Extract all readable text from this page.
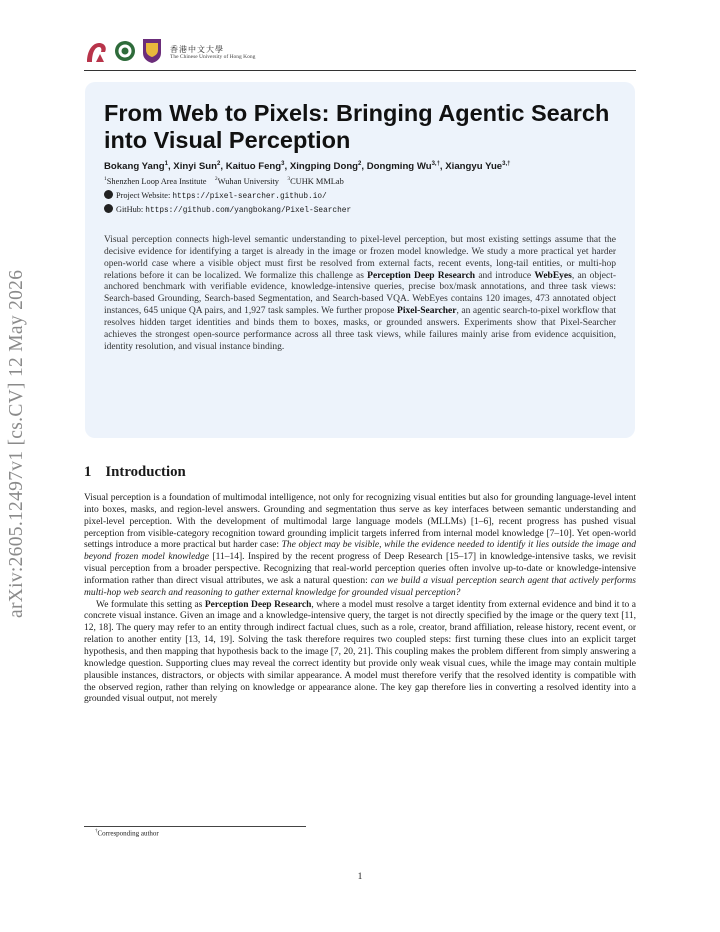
arXiv:2605.12497v1 [cs.CV] 12 May 2026
香港中文大學
The Chinese University of Hong Kong
From Web to Pixels: Bringing Agentic Search into Visual Perception
Bokang Yang$^1$, Xinyi Sun$^2$, Kaituo Feng$^3$, Xingping Dong$^2$, Dongming $Wu^{3,\dagger}$, Xiangyu Yue$^{3,\dagger}$
$^1$Shenzhen Loop Area Institute $^2$Wuhan University $^3$CUHK MMLab
Project Website: https://pixel-searcher.github.io/
GitHub: https://github.com/yangbokang/Pixel-Searcher

Visual perception connects high-level semantic understanding to pixel-level perception, but most existing settings assume that the decisive evidence for identifying a target is already in the image or frozen model knowledge. We study a more practical yet harder open-world case where a visible object must first be resolved from external facts, recent events, long-tail entities, or multi-hop relations before it can be localized. We formalize this challenge as Perception Deep Research and introduce WebEyes, an object-anchored benchmark with verifiable evidence, knowledge-intensive queries, precise box/mask annotations, and three task views: Search-based Grounding, Search-based Segmentation, and Search-based VQA. WebEyes contains 120 images, 473 annotated object instances, 645 unique QA pairs, and 1,927 task samples. We further propose Pixel-Searcher, an agentic search-to-pixel workflow that resolves hidden target identities and binds them to boxes, masks, or grounded answers. Experiments show that Pixel-Searcher achieves the strongest open-source performance across all three task views, while failures mainly arise from evidence acquisition, identity resolution, and visual instance binding.

1 Introduction

Visual perception is a foundation of multimodal intelligence, not only for recognizing visual entities but also for grounding language-level intent into boxes, masks, and region-level answers. Grounding and segmentation thus serve as key interfaces between semantic understanding and pixel-level perception. With the development of multimodal large language models (MLLMs) [1–6], recent progress has pushed visual perception from visible-category recognition toward grounding implicit targets inferred from internal model knowledge [7–10]. Yet open-world settings introduce a more practical but harder case: The object may be visible, while the evidence needed to identify it lies outside the image and beyond frozen model knowledge [11–14]. Inspired by the recent progress of Deep Research [15–17] in knowledge-intensive tasks, we revisit visual perception from a broader perspective. Recognizing that real-world perception queries often involve up-to-date or knowledge-intensive information rather than direct visual attributes, we ask a natural question: can we build a visual perception search agent that actively performs multi-hop web search and reasoning to gather external knowledge for grounded visual perception?

We formulate this setting as Perception Deep Research, where a model must resolve a target identity from external evidence and bind it to a concrete visual instance. Given an image and a knowledge-intensive query, the target is not directly specified by the image or the query text [11, 12, 18]. The query may refer to an entity through indirect factual clues, such as a role, creator, brand affiliation, release history, recent event, or relation to another entity [13, 14, 19]. Solving the task therefore requires two coupled steps: first turning these clues into an explicit target hypothesis, and then mapping that hypothesis back to the image [7, 20, 21]. This coupling makes the problem different from simply answering a knowledge question. Supporting clues may reveal the correct identity but provide only weak visual cues, while the image may contain multiple plausible instances, distractors, or objects with similar appearance. A model must therefore verify that the resolved identity is compatible with the observed region, rather than relying on knowledge or appearance alone. The key gap therefore lies in converting a resolved identity into a grounded visual output, not merely

†Corresponding author
1
